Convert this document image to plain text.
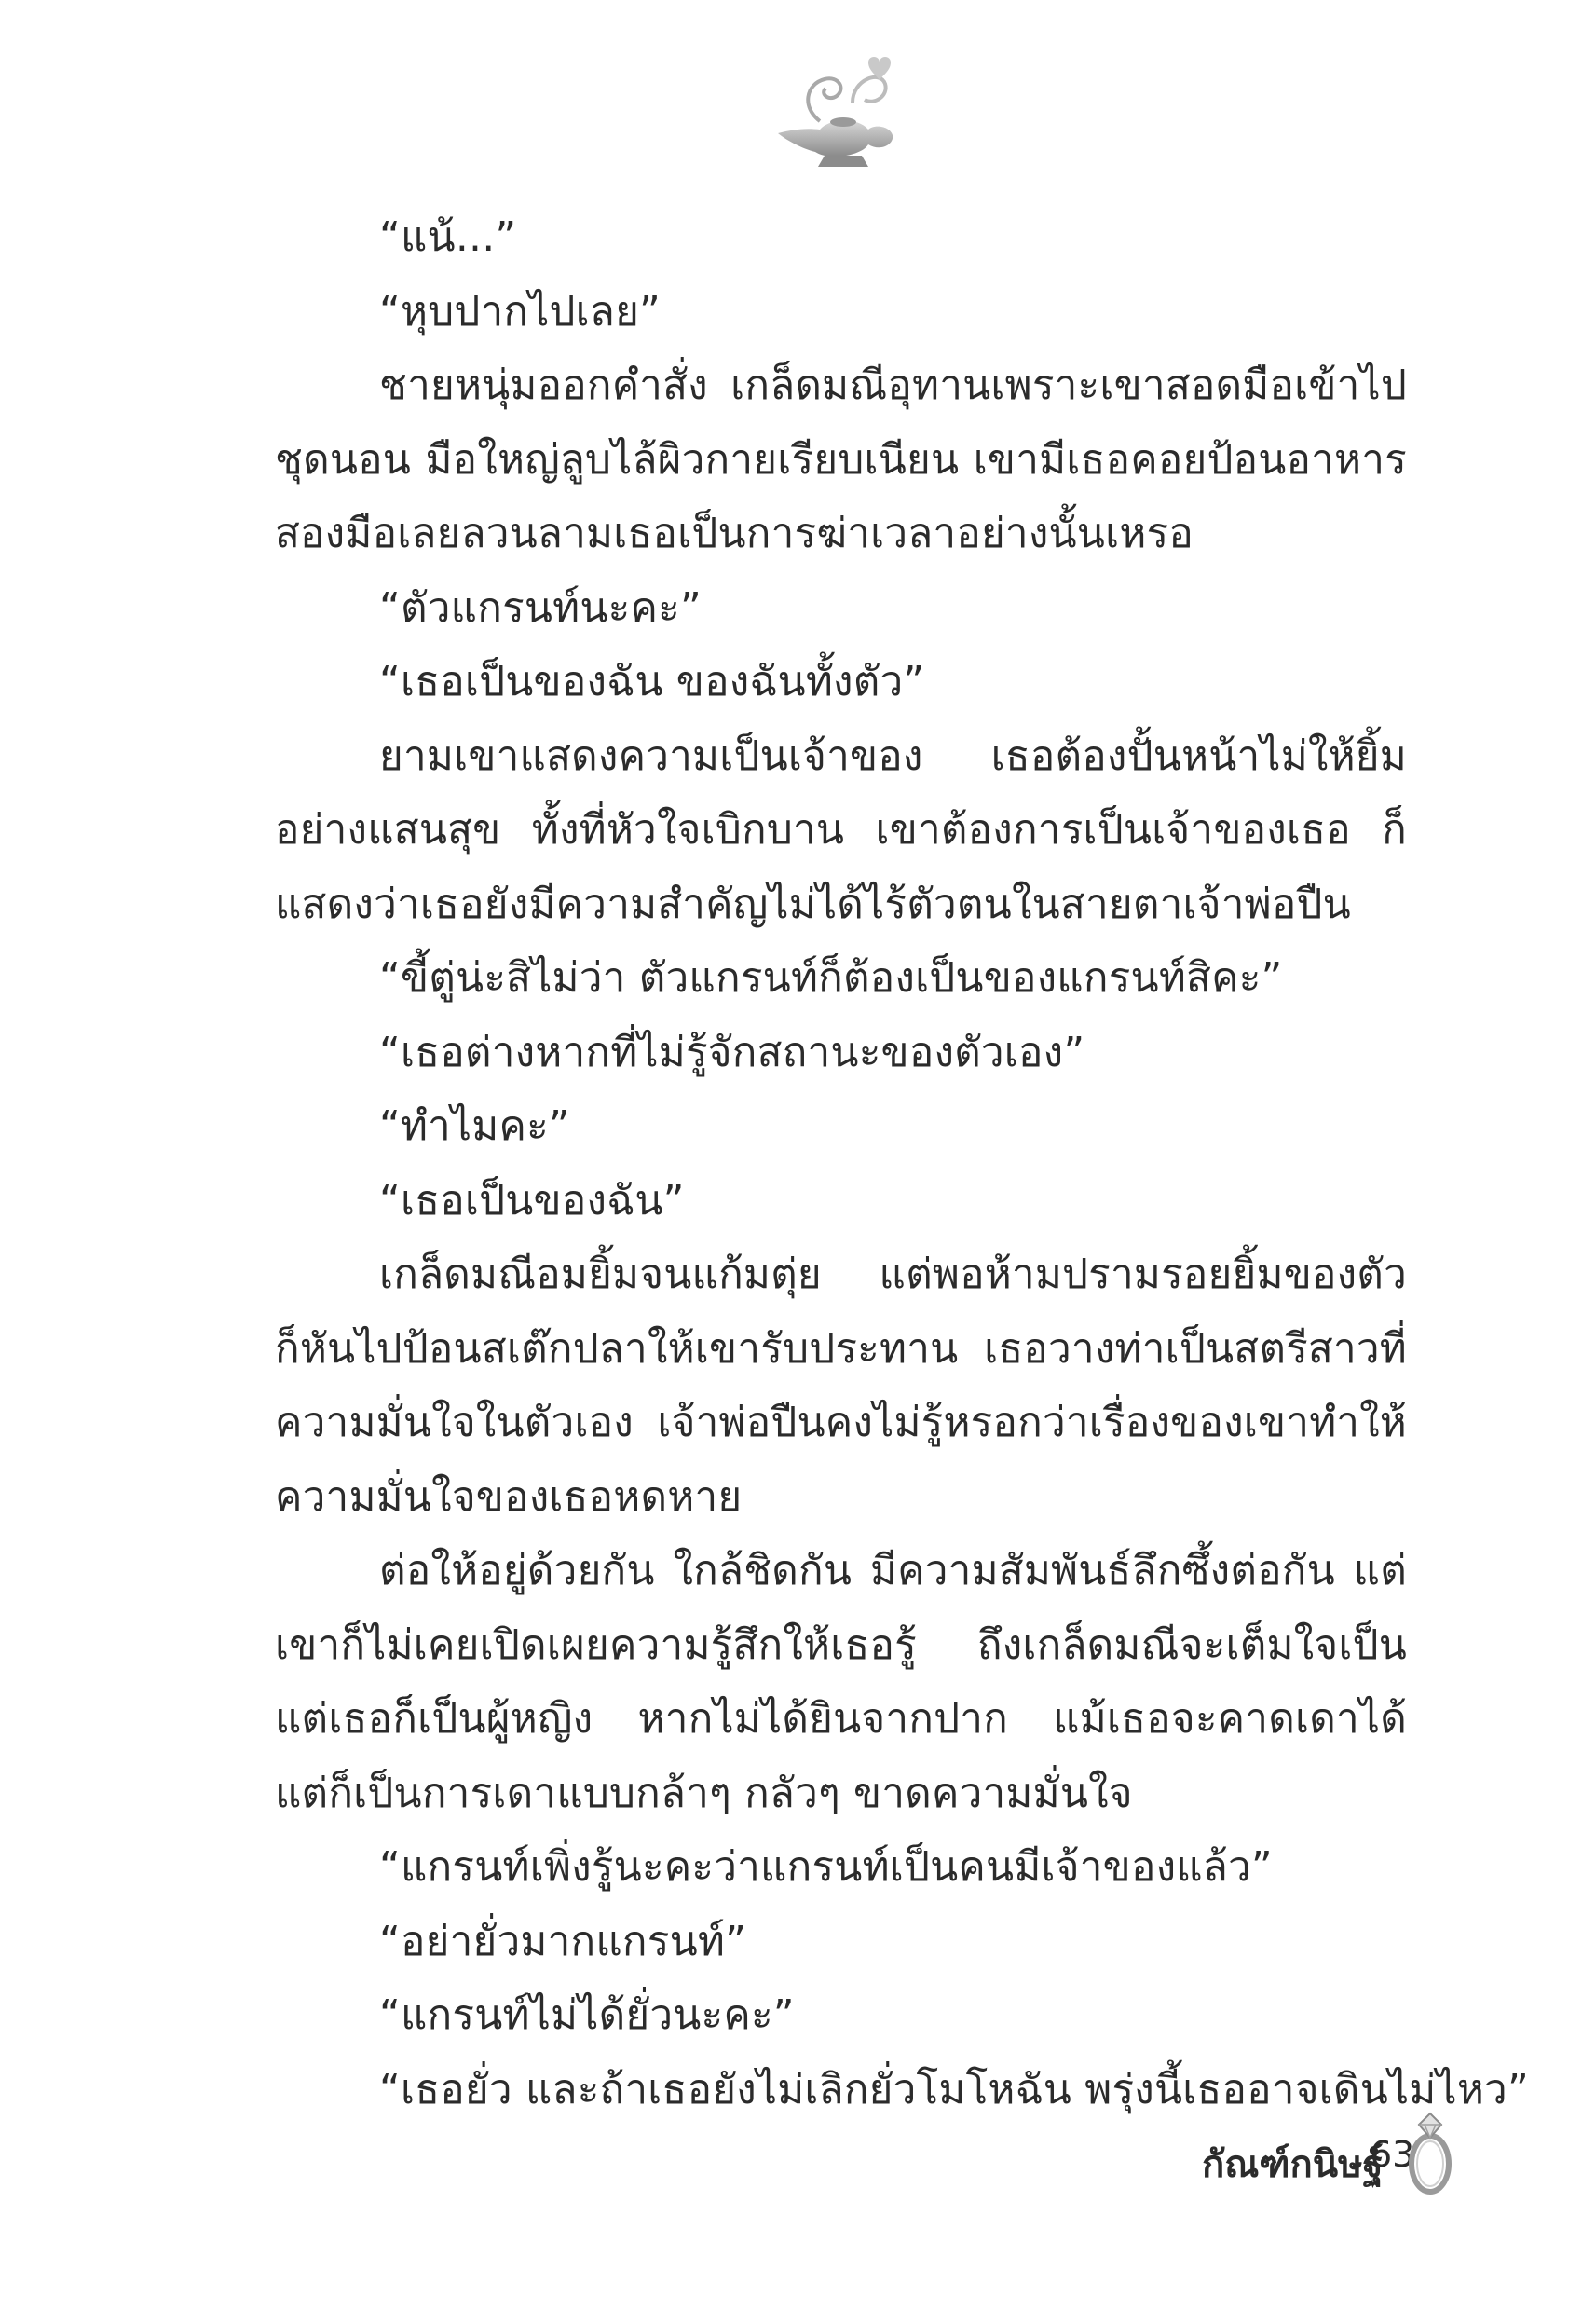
“แน้...”
“หุบปากไปเลย”
ชายหนุ่มออกคำสั่ง เกล็ดมณีอุทานเพราะเขาสอดมือเข้าไป
ชุดนอน มือใหญ่ลูบไล้ผิวกายเรียบเนียน เขามีเธอคอยป้อนอาหาร
สองมือเลยลวนลามเธอเป็นการฆ่าเวลาอย่างนั้นเหรอ
“ตัวแกรนท์นะคะ”
“เธอเป็นของฉัน ของฉันทั้งตัว”
ยามเขาแสดงความเป็นเจ้าของ เธอต้องปั้นหน้าไม่ให้ยิ้ม
อย่างแสนสุข ทั้งที่หัวใจเบิกบาน เขาต้องการเป็นเจ้าของเธอ ก็
แสดงว่าเธอยังมีความสำคัญไม่ได้ไร้ตัวตนในสายตาเจ้าพ่อปืน
“ขี้ตู่น่ะสิไม่ว่า ตัวแกรนท์ก็ต้องเป็นของแกรนท์สิคะ”
“เธอต่างหากที่ไม่รู้จักสถานะของตัวเอง”
“ทำไมคะ”
“เธอเป็นของฉัน”
เกล็ดมณีอมยิ้มจนแก้มตุ่ย แต่พอห้ามปรามรอยยิ้มของตัว
ก็หันไปป้อนสเต๊กปลาให้เขารับประทาน เธอวางท่าเป็นสตรีสาวที่
ความมั่นใจในตัวเอง เจ้าพ่อปืนคงไม่รู้หรอกว่าเรื่องของเขาทำให้
ความมั่นใจของเธอหดหาย
ต่อให้อยู่ด้วยกัน ใกล้ชิดกัน มีความสัมพันธ์ลึกซึ้งต่อกัน แต่
เขาก็ไม่เคยเปิดเผยความรู้สึกให้เธอรู้ ถึงเกล็ดมณีจะเต็มใจเป็น
แต่เธอก็เป็นผู้หญิง หากไม่ได้ยินจากปาก แม้เธอจะคาดเดาได้
แต่ก็เป็นการเดาแบบกล้าๆ กลัวๆ ขาดความมั่นใจ
“แกรนท์เพิ่งรู้นะคะว่าแกรนท์เป็นคนมีเจ้าของแล้ว”
“อย่ายั่วมากแกรนท์”
“แกรนท์ไม่ได้ยั่วนะคะ”
“เธอยั่ว และถ้าเธอยังไม่เลิกยั่วโมโหฉัน พรุ่งนี้เธออาจเดินไม่ไหว”
กัณฑ์กนิษฐ์
63
